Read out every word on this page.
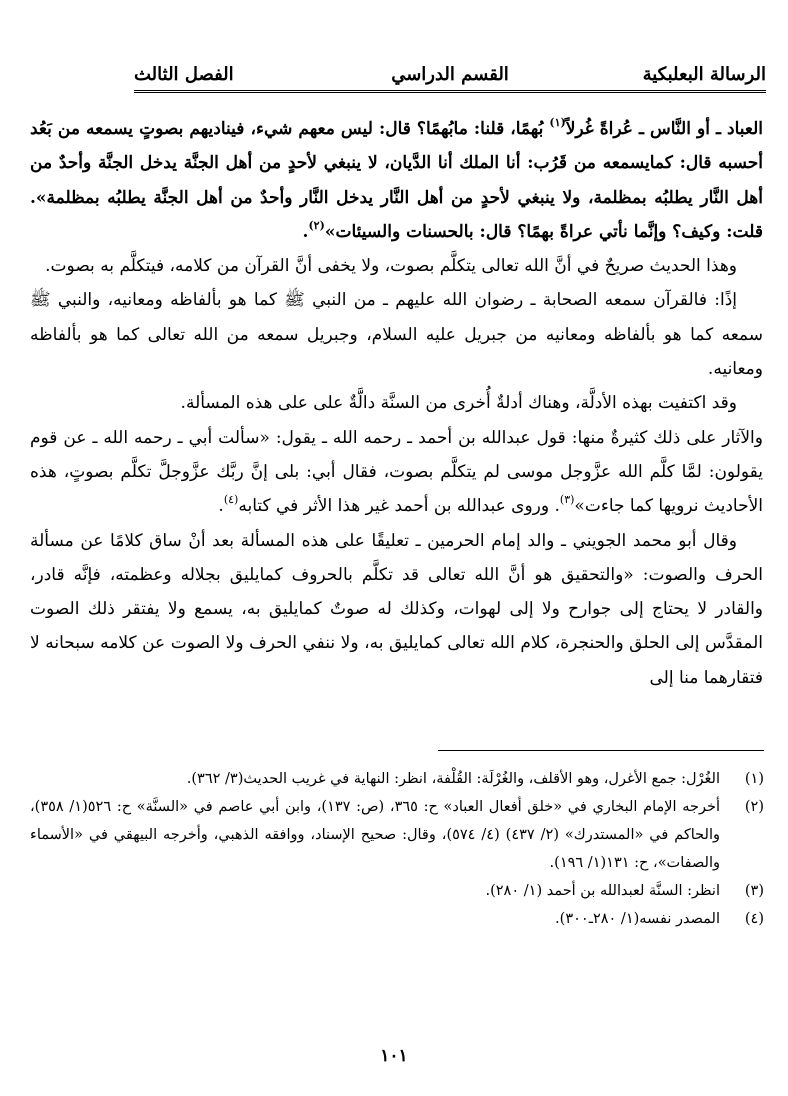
الرسالة البعلبكية
القسم الدراسي
الفصل الثالث

العباد ـ أو النَّاس ـ عُراةً غُرلاً$^{(١)}$ بُهمًا، قلنا: مابُهمًا؟ قال: ليس معهم شيء، فيناديهم بصوتٍ يسمعه من بَعُد أحسبه قال: كمايسمعه من قَرُب: أنا الملك أنا الدَّيان، لا ينبغي لأحدٍ من أهل الجنَّة يدخل الجنَّة وأحدٌ من أهل النَّار يطلبُه بمظلمة، ولا ينبغي لأحدٍ من أهل النَّار يدخل النَّار وأحدٌ من أهل الجنَّة يطلبُه بمظلمة». قلت: وكيف؟ وإنَّما نأتي عراةً بهمًا؟ قال: بالحسنات والسيئات»$^{(٢)}$.

وهذا الحديث صريحٌ في أنَّ الله تعالى يتكلَّم بصوت، ولا يخفى أنَّ القرآن من كلامه، فيتكلَّم به بصوت.

إذًا: فالقرآن سمعه الصحابة ـ رضوان الله عليهم ـ من النبي ﷺ كما هو بألفاظه ومعانيه، والنبي ﷺ سمعه كما هو بألفاظه ومعانيه من جبريل عليه السلام، وجبريل سمعه من الله تعالى كما هو بألفاظه ومعانيه.

وقد اكتفيت بهذه الأدلَّة، وهناك أدلةٌ أُخرى من السنَّة دالَّةٌ على على هذه المسألة.

والآثار على ذلك كثيرةٌ منها: قول عبدالله بن أحمد ـ رحمه الله ـ يقول: «سألت أبي ـ رحمه الله ـ عن قوم يقولون: لمَّا كلَّم الله عزَّوجل موسى لم يتكلَّم بصوت، فقال أبي: بلى إنَّ ربَّك عزَّوجلَّ تكلَّم بصوتٍ، هذه الأحاديث نرويها كما جاءت»$^{(٣)}$. وروى عبدالله بن أحمد غير هذا الأثر في كتابه$^{(٤)}$.

وقال أبو محمد الجويني ـ والد إمام الحرمين ـ تعليقًا على هذه المسألة بعد أنْ ساق كلامًا عن مسألة الحرف والصوت: «والتحقيق هو أنَّ الله تعالى قد تكلَّم بالحروف كمايليق بجلاله وعظمته، فإنَّه قادر، والقادر لا يحتاج إلى جوارح ولا إلى لهوات، وكذلك له صوتٌ كمايليق به، يسمع ولا يفتقر ذلك الصوت المقدَّس إلى الحلق والحنجرة، كلام الله تعالى كمايليق به، ولا ننفي الحرف ولا الصوت عن كلامه سبحانه لا فتقارهما منا إلى

(١)
الغُرْل: جمع الأغرل، وهو الأقلف، والغُرْلَة: القُلْفة، انظر: النهاية في غريب الحديث(٣/ ٣٦٢).
(٢)
أخرجه الإمام البخاري في «خلق أفعال العباد» ح: ٣٦٥، (ص: ١٣٧)، وابن أبي عاصم في «السنَّة» ح: ٥٢٦(١/ ٣٥٨)، والحاكم في «المستدرك» (٢/ ٤٣٧) (٤/ ٥٧٤)، وقال: صحيح الإسناد، ووافقه الذهبي، وأخرجه البيهقي في «الأسماء والصفات»، ح: ١٣١(١/ ١٩٦).
(٣)
انظر: السنَّة لعبدالله بن أحمد (١/ ٢٨٠).
(٤)
المصدر نفسه(١/ ٢٨٠ـ٣٠٠).
١٠١
